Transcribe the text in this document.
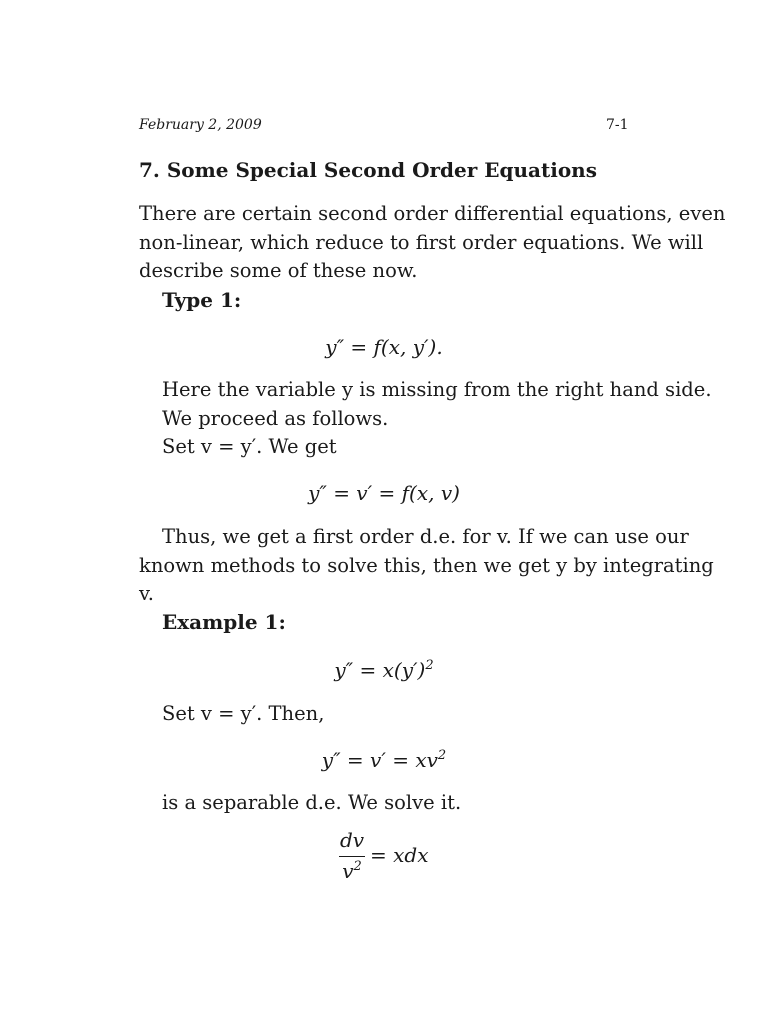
February 2, 2009	7-1
7. Some Special Second Order Equations
There are certain second order differential equations, even
non-linear, which reduce to first order equations. We will
describe some of these now.
Type 1:
y″ = f(x, y′).
Here the variable y is missing from the right hand side.
We proceed as follows.
Set v = y′. We get
y″ = v′ = f(x, v)
Thus, we get a first order d.e. for v. If we can use our
known methods to solve this, then we get y by integrating
v.
Example 1:
$y'' = x(y')^2$
Set v = y′. Then,
$y'' = v' = xv^2$
is a separable d.e. We solve it.
dv
$v^2$ = xdx
